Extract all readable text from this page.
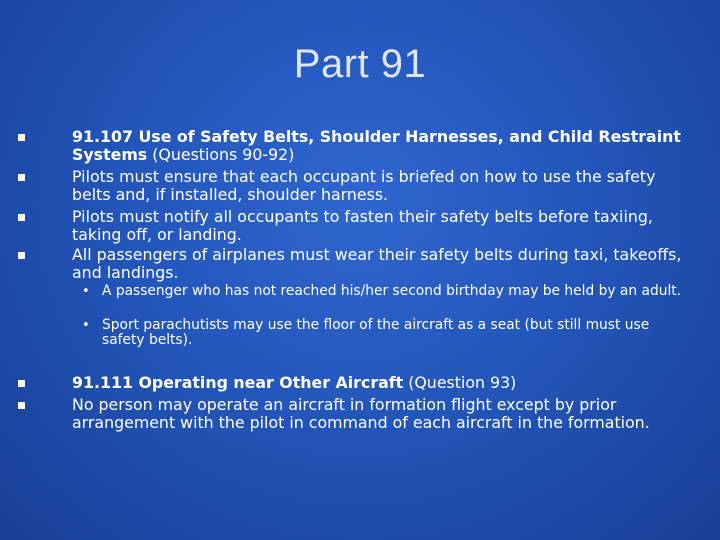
Part 91
91.107 Use of Safety Belts, Shoulder Harnesses, and Child Restraint Systems (Questions 90-92)
Pilots must ensure that each occupant is briefed on how to use the safety belts and, if installed, shoulder harness.
Pilots must notify all occupants to fasten their safety belts before taxiing, taking off, or landing.
All passengers of airplanes must wear their safety belts during taxi, takeoffs, and landings.
• A passenger who has not reached his/her second birthday may be held by an adult.
• Sport parachutists may use the floor of the aircraft as a seat (but still must use safety belts).
91.111 Operating near Other Aircraft (Question 93)
No person may operate an aircraft in formation flight except by prior arrangement with the pilot in command of each aircraft in the formation.
